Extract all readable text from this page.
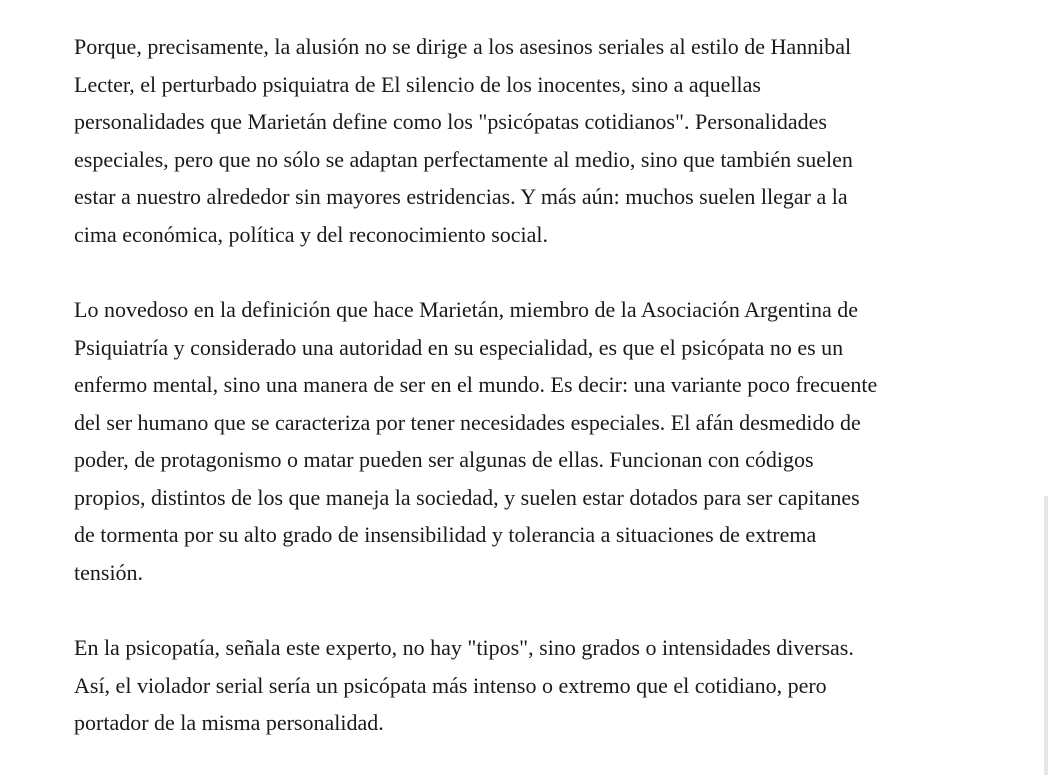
Porque, precisamente, la alusión no se dirige a los asesinos seriales al estilo de Hannibal
Lecter, el perturbado psiquiatra de El silencio de los inocentes, sino a aquellas
personalidades que Marietán define como los "psicópatas cotidianos". Personalidades
especiales, pero que no sólo se adaptan perfectamente al medio, sino que también suelen
estar a nuestro alrededor sin mayores estridencias. Y más aún: muchos suelen llegar a la
cima económica, política y del reconocimiento social.

Lo novedoso en la definición que hace Marietán, miembro de la Asociación Argentina de
Psiquiatría y considerado una autoridad en su especialidad, es que el psicópata no es un
enfermo mental, sino una manera de ser en el mundo. Es decir: una variante poco frecuente
del ser humano que se caracteriza por tener necesidades especiales. El afán desmedido de
poder, de protagonismo o matar pueden ser algunas de ellas. Funcionan con códigos
propios, distintos de los que maneja la sociedad, y suelen estar dotados para ser capitanes
de tormenta por su alto grado de insensibilidad y tolerancia a situaciones de extrema
tensión.

En la psicopatía, señala este experto, no hay "tipos", sino grados o intensidades diversas.
Así, el violador serial sería un psicópata más intenso o extremo que el cotidiano, pero
portador de la misma personalidad.
